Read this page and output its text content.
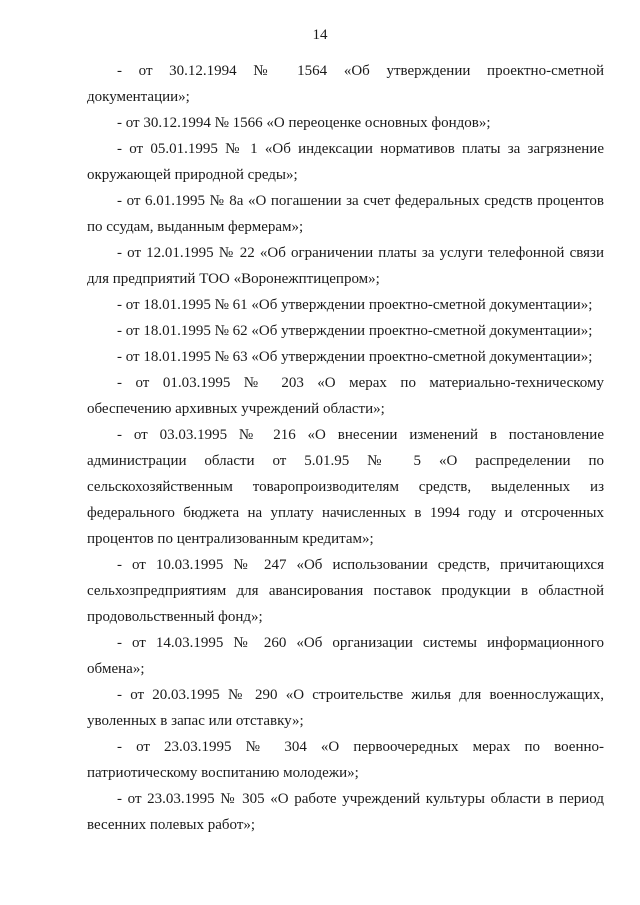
14

- от 30.12.1994 № 1564 «Об утверждении проектно-сметной документации»;

- от 30.12.1994 № 1566 «О переоценке основных фондов»;

- от 05.01.1995 № 1 «Об индексации нормативов платы за загрязнение окружающей природной среды»;

- от 6.01.1995 № 8а «О погашении за счет федеральных средств процентов по ссудам, выданным фермерам»;

- от 12.01.1995 № 22 «Об ограничении платы за услуги телефонной связи для предприятий ТОО «Воронежптицепром»;

- от 18.01.1995 № 61 «Об утверждении проектно-сметной документации»;

- от 18.01.1995 № 62 «Об утверждении проектно-сметной документации»;

- от 18.01.1995 № 63 «Об утверждении проектно-сметной документации»;

- от 01.03.1995 № 203 «О мерах по материально-техническому обеспечению архивных учреждений области»;

- от 03.03.1995 № 216 «О внесении изменений в постановление администрации области от 5.01.95 № 5 «О распределении по сельскохозяйственным товаропроизводителям средств, выделенных из федерального бюджета на уплату начисленных в 1994 году и отсроченных процентов по централизованным кредитам»;

- от 10.03.1995 № 247 «Об использовании средств, причитающихся сельхозпредприятиям для авансирования поставок продукции в областной продовольственный фонд»;

- от 14.03.1995 № 260 «Об организации системы информационного обмена»;

- от 20.03.1995 № 290 «О строительстве жилья для военнослужащих, уволенных в запас или отставку»;

- от 23.03.1995 № 304 «О первоочередных мерах по военно-патриотическому воспитанию молодежи»;

- от 23.03.1995 № 305 «О работе учреждений культуры области в период весенних полевых работ»;
